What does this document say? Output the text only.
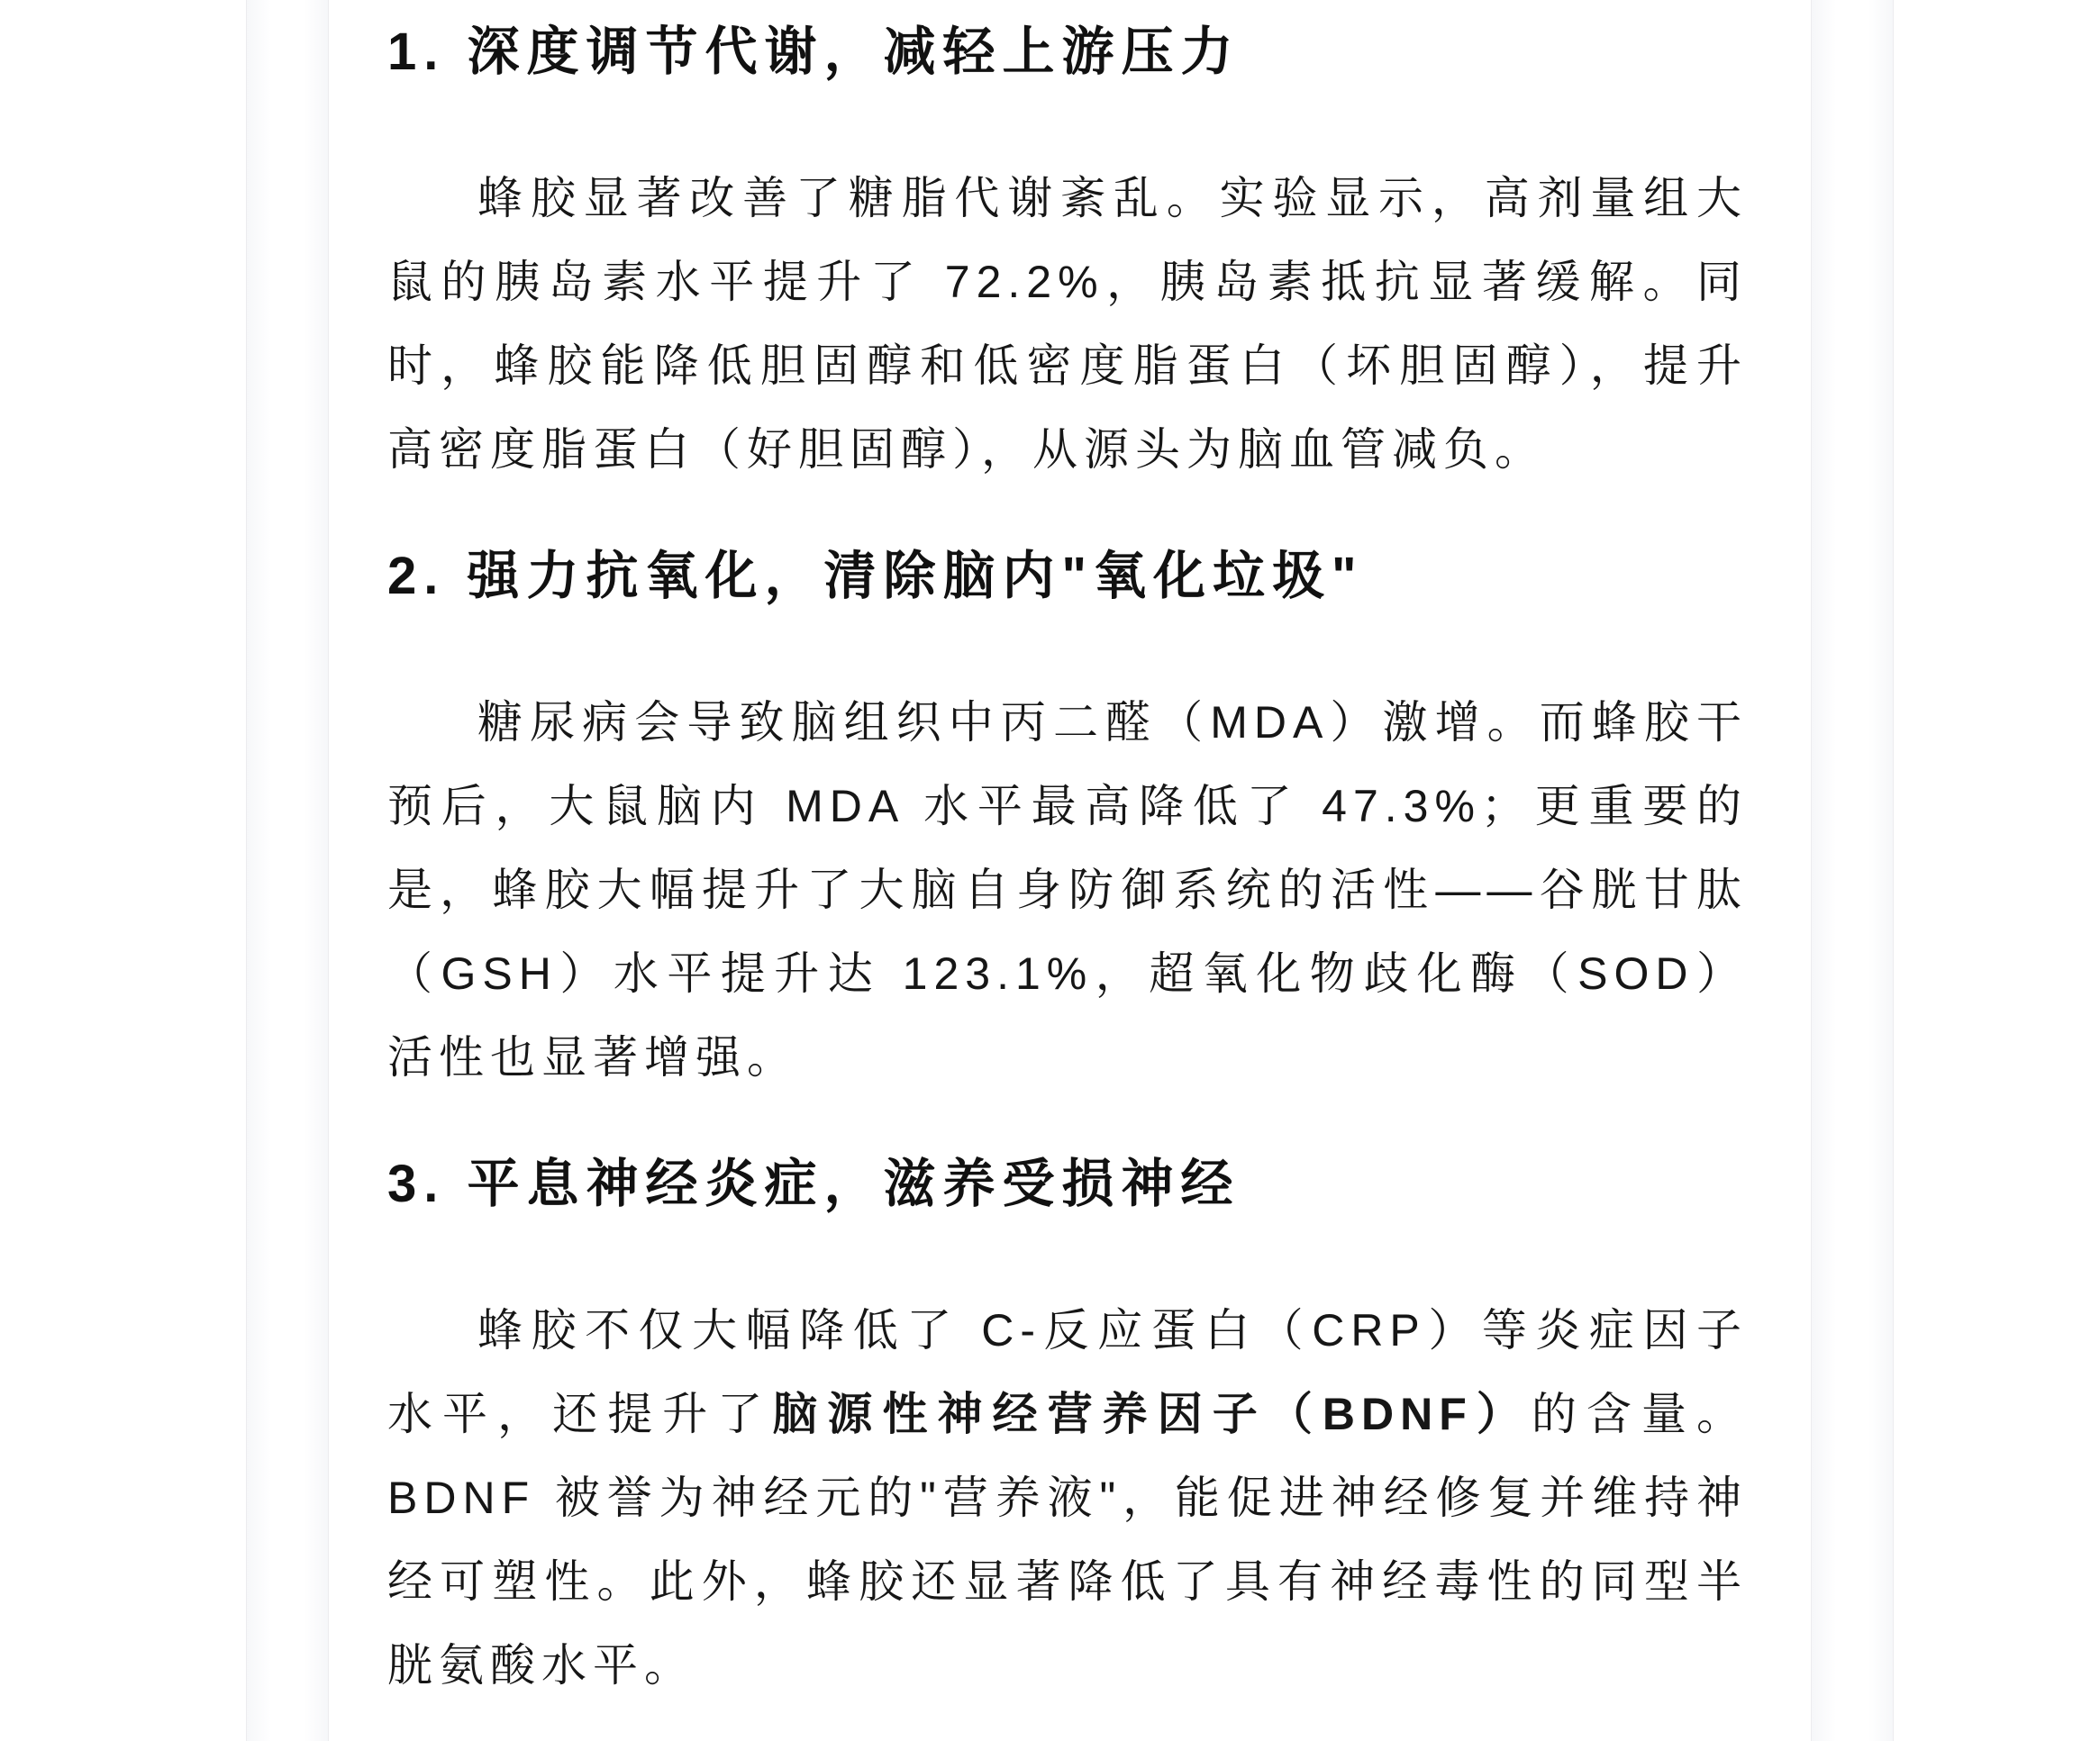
1. 深度调节代谢，减轻上游压力

蜂胶显著改善了糖脂代谢紊乱。实验显示，高剂量组大鼠的胰岛素水平提升了 72.2%，胰岛素抵抗显著缓解。同时，蜂胶能降低胆固醇和低密度脂蛋白（坏胆固醇），提升高密度脂蛋白（好胆固醇），从源头为脑血管减负。

2. 强力抗氧化，清除脑内"氧化垃圾"

糖尿病会导致脑组织中丙二醛（MDA）激增。而蜂胶干预后，大鼠脑内 MDA 水平最高降低了 47.3%；更重要的是，蜂胶大幅提升了大脑自身防御系统的活性——谷胱甘肽（GSH）水平提升达 123.1%，超氧化物歧化酶（SOD）活性也显著增强。

3. 平息神经炎症，滋养受损神经

蜂胶不仅大幅降低了 C-反应蛋白（CRP）等炎症因子水平，还提升了脑源性神经营养因子（BDNF）的含量。BDNF 被誉为神经元的"营养液"，能促进神经修复并维持神经可塑性。此外，蜂胶还显著降低了具有神经毒性的同型半胱氨酸水平。
